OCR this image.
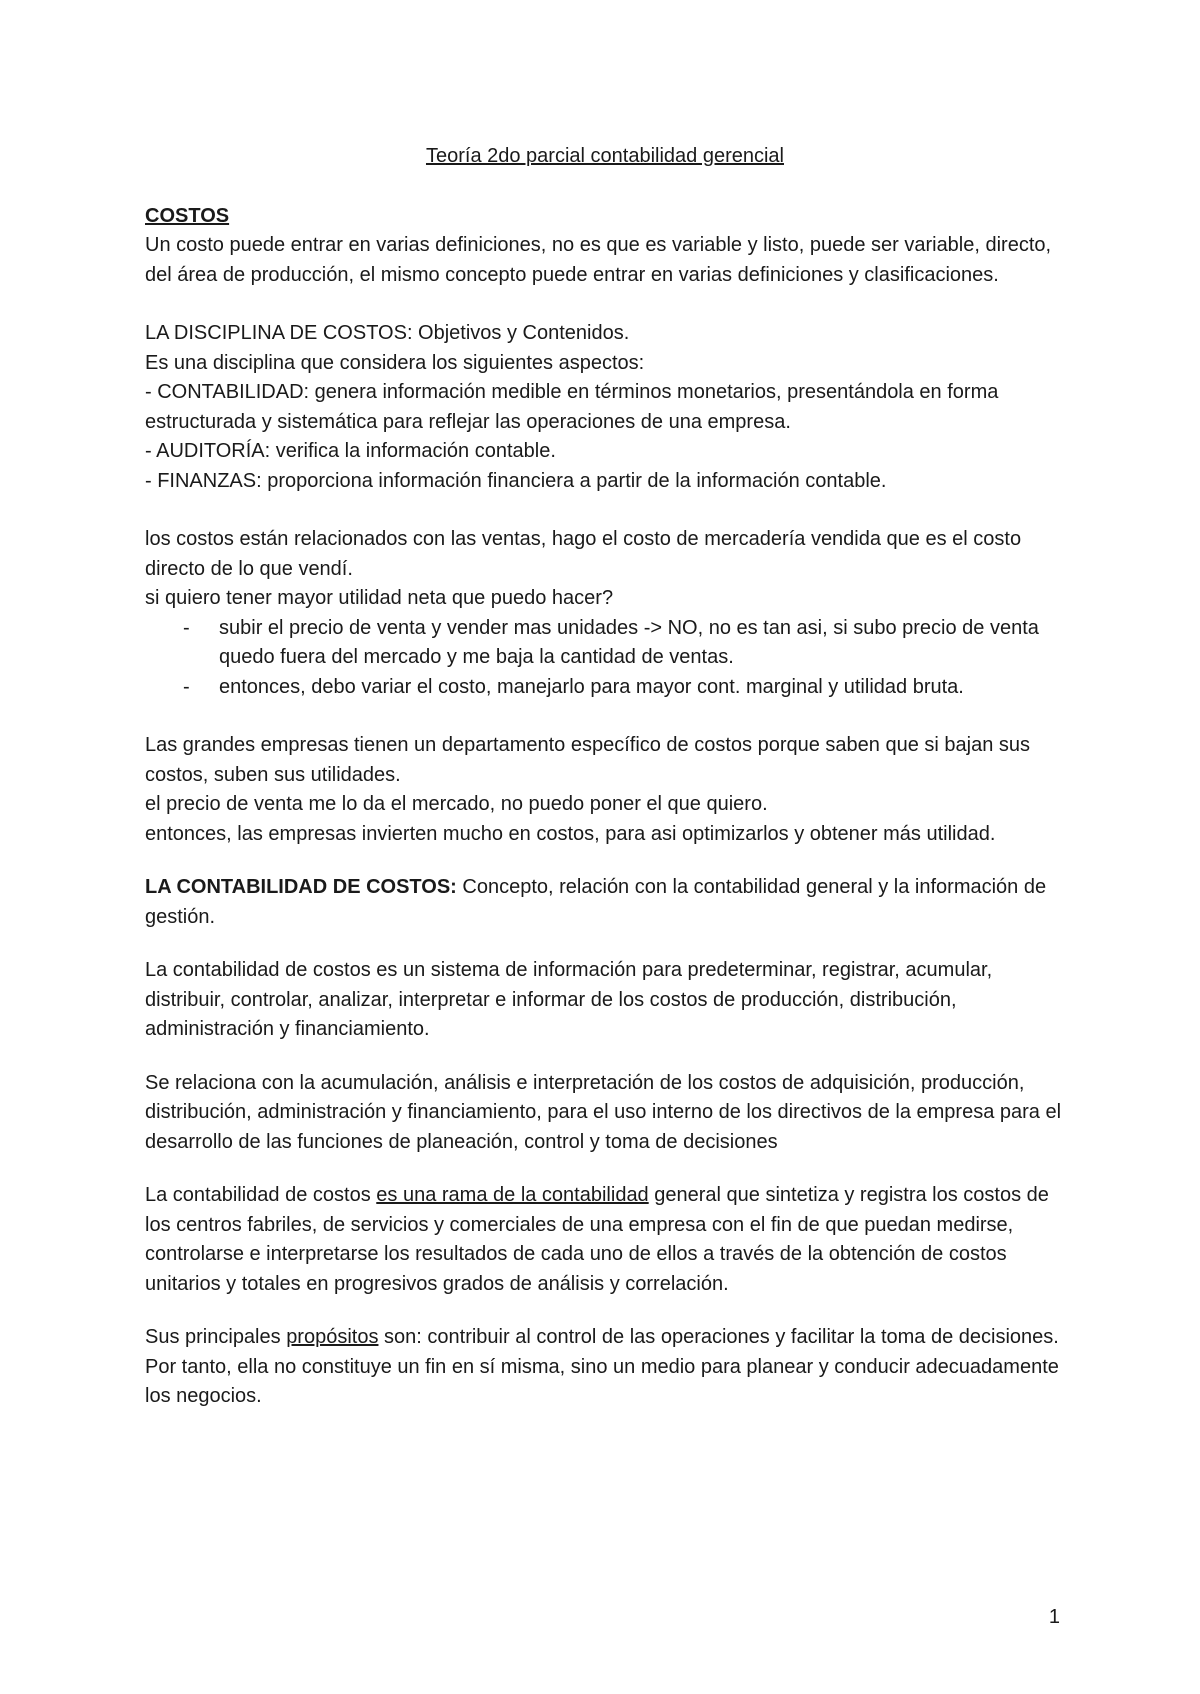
Teoría 2do parcial contabilidad gerencial

COSTOS

Un costo puede entrar en varias definiciones, no es que es variable y listo, puede ser variable, directo, del área de producción, el mismo concepto puede entrar en varias definiciones y clasificaciones.

LA DISCIPLINA DE COSTOS: Objetivos y Contenidos.

Es una disciplina que considera los siguientes aspectos:

- CONTABILIDAD: genera información medible en términos monetarios, presentándola en forma estructurada y sistemática para reflejar las operaciones de una empresa.

- AUDITORÍA: verifica la información contable.

- FINANZAS: proporciona información financiera a partir de la información contable.

los costos están relacionados con las ventas, hago el costo de mercadería vendida que es el costo directo de lo que vendí.

si quiero tener mayor utilidad neta que puedo hacer?

- subir el precio de venta y vender mas unidades -> NO, no es tan asi, si subo precio de venta quedo fuera del mercado y me baja la cantidad de ventas.
- entonces, debo variar el costo, manejarlo para mayor cont. marginal y utilidad bruta.

Las grandes empresas tienen un departamento específico de costos porque saben que si bajan sus costos, suben sus utilidades.

el precio de venta me lo da el mercado, no puedo poner el que quiero.

entonces, las empresas invierten mucho en costos, para asi optimizarlos y obtener más utilidad.

LA CONTABILIDAD DE COSTOS: Concepto, relación con la contabilidad general y la información de gestión.

La contabilidad de costos es un sistema de información para predeterminar, registrar, acumular, distribuir, controlar, analizar, interpretar e informar de los costos de producción, distribución, administración y financiamiento.

Se relaciona con la acumulación, análisis e interpretación de los costos de adquisición, producción, distribución, administración y financiamiento, para el uso interno de los directivos de la empresa para el desarrollo de las funciones de planeación, control y toma de decisiones

La contabilidad de costos es una rama de la contabilidad general que sintetiza y registra los costos de los centros fabriles, de servicios y comerciales de una empresa con el fin de que puedan medirse, controlarse e interpretarse los resultados de cada uno de ellos a través de la obtención de costos unitarios y totales en progresivos grados de análisis y correlación.

Sus principales propósitos son: contribuir al control de las operaciones y facilitar la toma de decisiones. Por tanto, ella no constituye un fin en sí misma, sino un medio para planear y conducir adecuadamente los negocios.

1
